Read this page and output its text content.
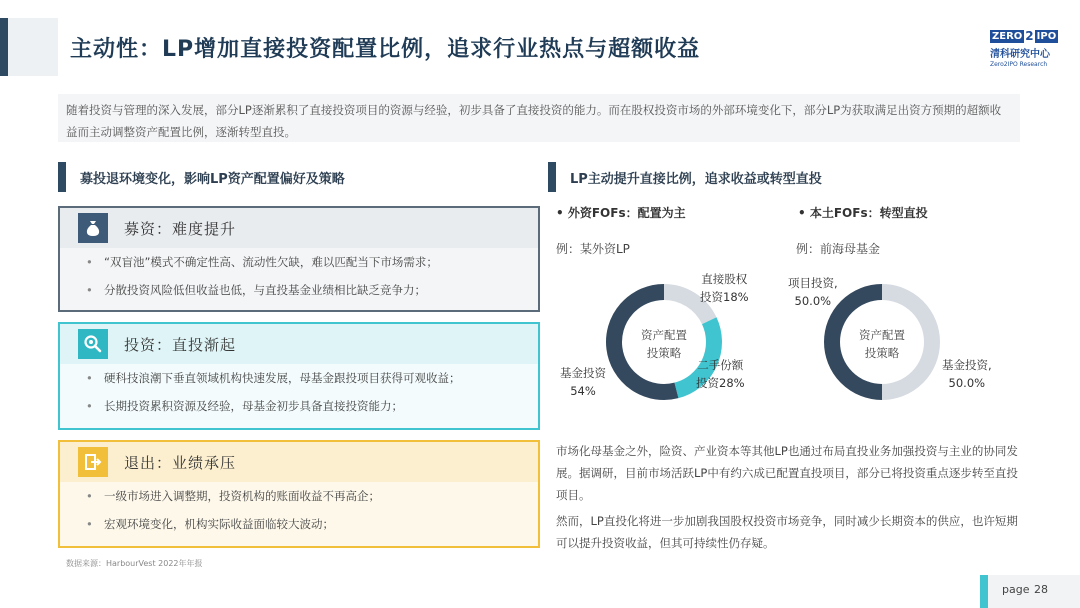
主动性：LP增加直接投资配置比例，追求行业热点与超额收益
ZERO 2 IPO
清科研究中心
Zero2IPO Research
随着投资与管理的深入发展，部分LP逐渐累积了直接投资项目的资源与经验，初步具备了直接投资的能力。而在股权投资市场的外部环境变化下，部分LP为获取满足出资方预期的超额收益而主动调整资产配置比例，逐渐转型直投。
募投退环境变化，影响LP资产配置偏好及策略
募资：难度提升
• “双盲池”模式不确定性高、流动性欠缺，难以匹配当下市场需求；
• 分散投资风险低但收益也低，与直投基金业绩相比缺乏竞争力；
投资：直投渐起
• 硬科技浪潮下垂直领域机构快速发展，母基金跟投项目获得可观收益；
• 长期投资累积资源及经验，母基金初步具备直接投资能力；
退出：业绩承压
• 一级市场进入调整期，投资机构的账面收益不再高企；
• 宏观环境变化，机构实际收益面临较大波动；
数据来源：HarbourVest 2022年年报
LP主动提升直接比例，追求收益或转型直投
• 外资FOFs：配置为主	• 本土FOFs：转型直投
例：某外资LP	例：前海母基金
资产配置
投策略
资产配置
投策略
直接股权
投资18%
二手份额
投资28%
基金投资
54%
项目投资,
50.0%
基金投资,
50.0%
市场化母基金之外，险资、产业资本等其他LP也通过布局直投业务加强投资与主业的协同发展。据调研，目前市场活跃LP中有约六成已配置直投项目，部分已将投资重点逐步转至直投项目。
然而，LP直投化将进一步加剧我国股权投资市场竞争，同时减少长期资本的供应，也许短期可以提升投资收益，但其可持续性仍存疑。
page 28
